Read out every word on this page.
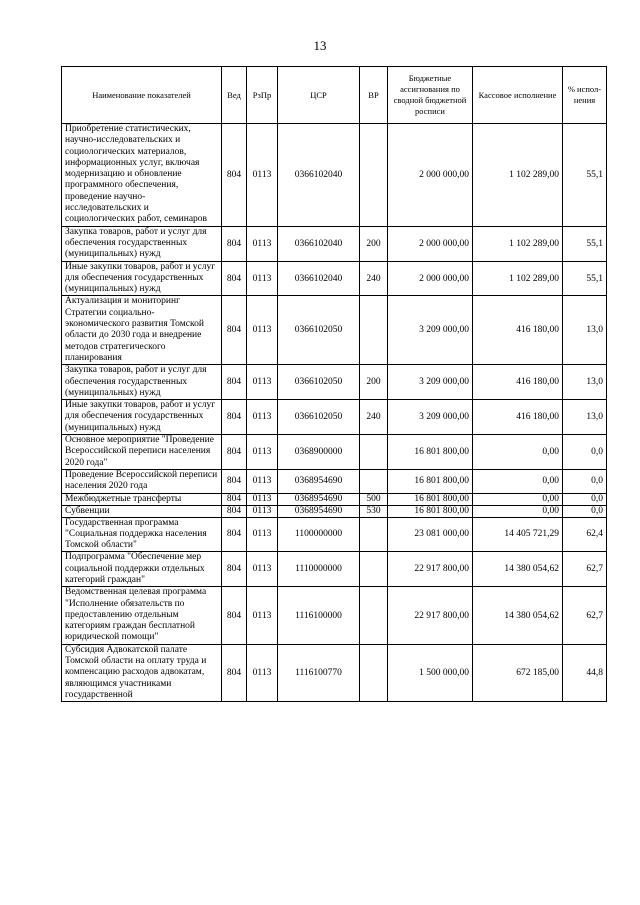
13
Наименование показателей	Вед	РзПр	ЦСР	ВР	Бюджетные ассигнования по сводной бюджетной росписи	Кассовое исполнение	% испол-нения
Приобретение статистических, научно-исследовательских и социологических материалов, информационных услуг, включая модернизацию и обновление программного обеспечения, проведение научно-исследовательских и социологических работ, семинаров	804	0113	0366102040		2 000 000,00	1 102 289,00	55,1
Закупка товаров, работ и услуг для обеспечения государственных (муниципальных) нужд	804	0113	0366102040	200	2 000 000,00	1 102 289,00	55,1
Иные закупки товаров, работ и услуг для обеспечения государственных (муниципальных) нужд	804	0113	0366102040	240	2 000 000,00	1 102 289,00	55,1
Актуализация и мониторинг Стратегии социально-экономического развития Томской области до 2030 года и внедрение методов стратегического планирования	804	0113	0366102050		3 209 000,00	416 180,00	13,0
Закупка товаров, работ и услуг для обеспечения государственных (муниципальных) нужд	804	0113	0366102050	200	3 209 000,00	416 180,00	13,0
Иные закупки товаров, работ и услуг для обеспечения государственных (муниципальных) нужд	804	0113	0366102050	240	3 209 000,00	416 180,00	13,0
Основное мероприятие "Проведение Всероссийской переписи населения 2020 года"	804	0113	0368900000		16 801 800,00	0,00	0,0
Проведение Всероссийской переписи населения 2020 года	804	0113	0368954690		16 801 800,00	0,00	0,0
Межбюджетные трансферты	804	0113	0368954690	500	16 801 800,00	0,00	0,0
Субвенции	804	0113	0368954690	530	16 801 800,00	0,00	0,0
Государственная программа "Социальная поддержка населения Томской области"	804	0113	1100000000		23 081 000,00	14 405 721,29	62,4
Подпрограмма "Обеспечение мер социальной поддержки отдельных категорий граждан"	804	0113	1110000000		22 917 800,00	14 380 054,62	62,7
Ведомственная целевая программа "Исполнение обязательств по предоставлению отдельным категориям граждан бесплатной юридической помощи"	804	0113	1116100000		22 917 800,00	14 380 054,62	62,7
Субсидия Адвокатской палате Томской области на оплату труда и компенсацию расходов адвокатам, являющимся участниками государственной	804	0113	1116100770		1 500 000,00	672 185,00	44,8
